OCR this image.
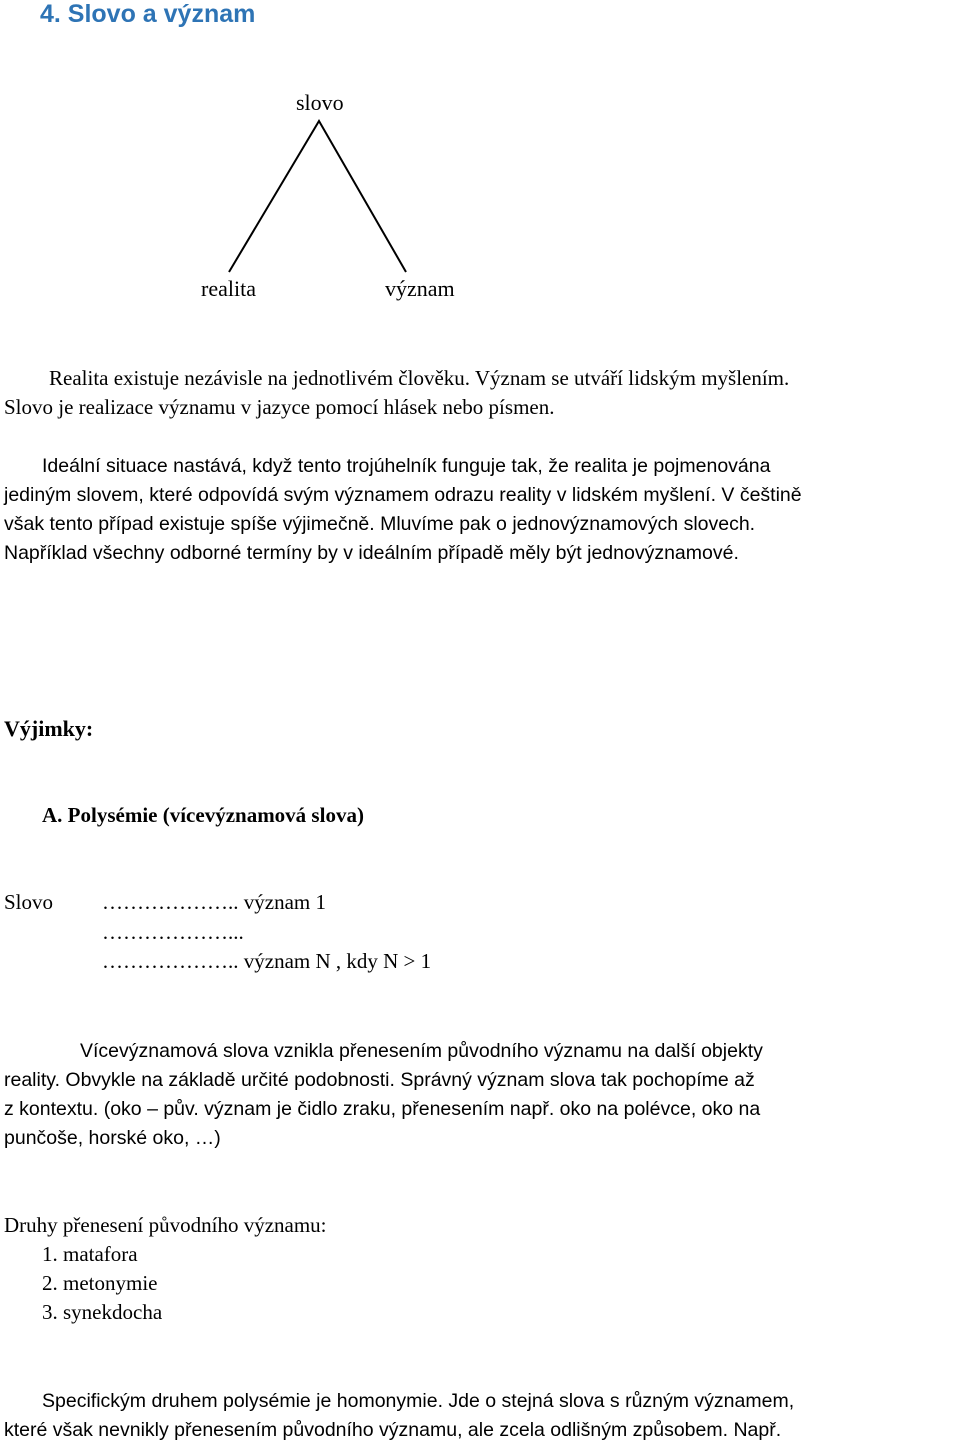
4. Slovo a význam
slovo
realita	význam

Realita existuje nezávisle na jednotlivém člověku. Význam se utváří lidským myšlením.

Slovo je realizace významu v jazyce pomocí hlásek nebo písmen.

Ideální situace nastává, když tento trojúhelník funguje tak, že realita je pojmenována

jediným slovem, které odpovídá svým významem odrazu reality v lidském myšlení. V češtině

však tento případ existuje spíše výjimečně. Mluvíme pak o jednovýznamových slovech.

Například všechny odborné termíny by v ideálním případě měly být jednovýznamové.

Výjimky:
A. Polysémie (vícevýznamová slova)
Slovo ……………….. význam 1
………………...
……………….. význam N , kdy N > 1

Vícevýznamová slova vznikla přenesením původního významu na další objekty

reality. Obvykle na základě určité podobnosti. Správný význam slova tak pochopíme až

z kontextu. (oko – pův. význam je čidlo zraku, přenesením např. oko na polévce, oko na

punčoše, horské oko, …)

Druhy přenesení původního významu:

1. matafora
2. metonymie
3. synekdocha

Specifickým druhem polysémie je homonymie. Jde o stejná slova s různým významem,

které však nevnikly přenesením původního významu, ale zcela odlišným způsobem. Např.
